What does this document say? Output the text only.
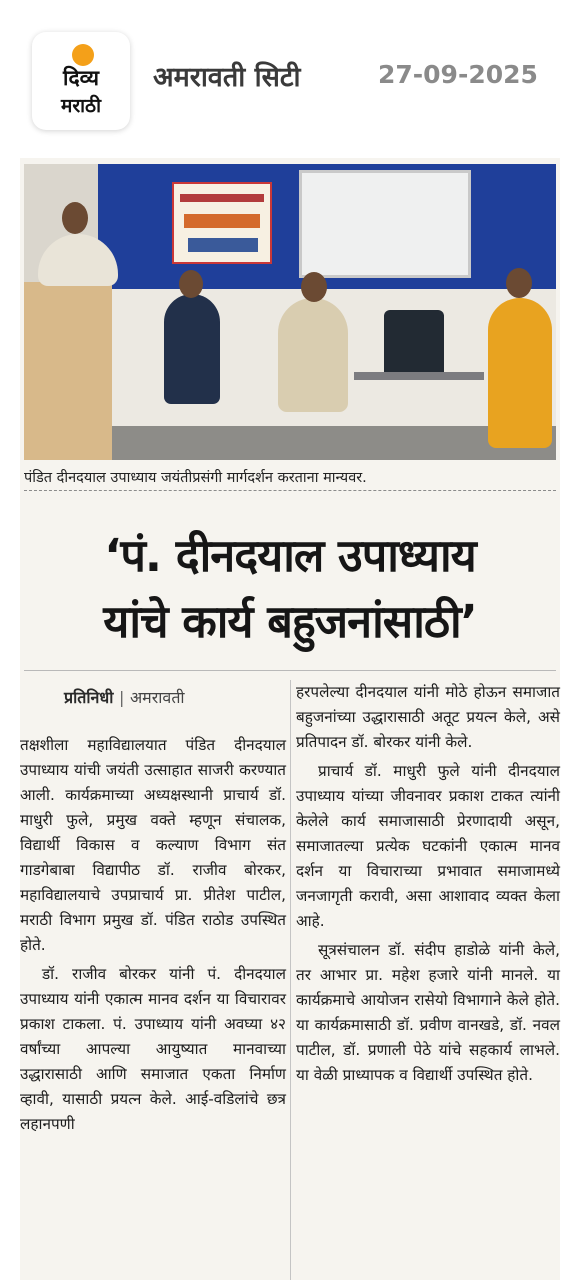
दिव्य
मराठी
अमरावती सिटी	27-09-2025
पंडित दीनदयाल उपाध्याय जयंतीप्रसंगी मार्गदर्शन करताना मान्यवर.
‘पं. दीनदयाल उपाध्याय
यांचे कार्य बहुजनांसाठी’
प्रतिनिधी | अमरावती

तक्षशीला महाविद्यालयात पंडित दीनदयाल उपाध्याय यांची जयंती उत्साहात साजरी करण्यात आली. कार्यक्रमाच्या अध्यक्षस्थानी प्राचार्य डॉ. माधुरी फुले, प्रमुख वक्ते म्हणून संचालक, विद्यार्थी विकास व कल्याण विभाग संत गाडगेबाबा विद्यापीठ डॉ. राजीव बोरकर, महाविद्यालयाचे उपप्राचार्य प्रा. प्रीतेश पाटील, मराठी विभाग प्रमुख डॉ. पंडित राठोड उपस्थित होते.

डॉ. राजीव बोरकर यांनी पं. दीनदयाल उपाध्याय यांनी एकात्म मानव दर्शन या विचारावर प्रकाश टाकला. पं. उपाध्याय यांनी अवघ्या ४२ वर्षांच्या आपल्या आयुष्यात मानवाच्या उद्धारासाठी आणि समाजात एकता निर्माण व्हावी, यासाठी प्रयत्न केले. आई-वडिलांचे छत्र लहानपणी

हरपलेल्या दीनदयाल यांनी मोठे होऊन समाजात बहुजनांच्या उद्धारासाठी अतूट प्रयत्न केले, असे प्रतिपादन डॉ. बोरकर यांनी केले.

प्राचार्य डॉ. माधुरी फुले यांनी दीनदयाल उपाध्याय यांच्या जीवनावर प्रकाश टाकत त्यांनी केलेले कार्य समाजासाठी प्रेरणादायी असून, समाजातल्या प्रत्येक घटकांनी एकात्म मानव दर्शन या विचाराच्या प्रभावात समाजामध्ये जनजागृती करावी, असा आशावाद व्यक्त केला आहे.

सूत्रसंचालन डॉ. संदीप हाडोळे यांनी केले, तर आभार प्रा. महेश हजारे यांनी मानले. या कार्यक्रमाचे आयोजन रासेयो विभागाने केले होते. या कार्यक्रमासाठी डॉ. प्रवीण वानखडे, डॉ. नवल पाटील, डॉ. प्रणाली पेठे यांचे सहकार्य लाभले. या वेळी प्राध्यापक व विद्यार्थी उपस्थित होते.
